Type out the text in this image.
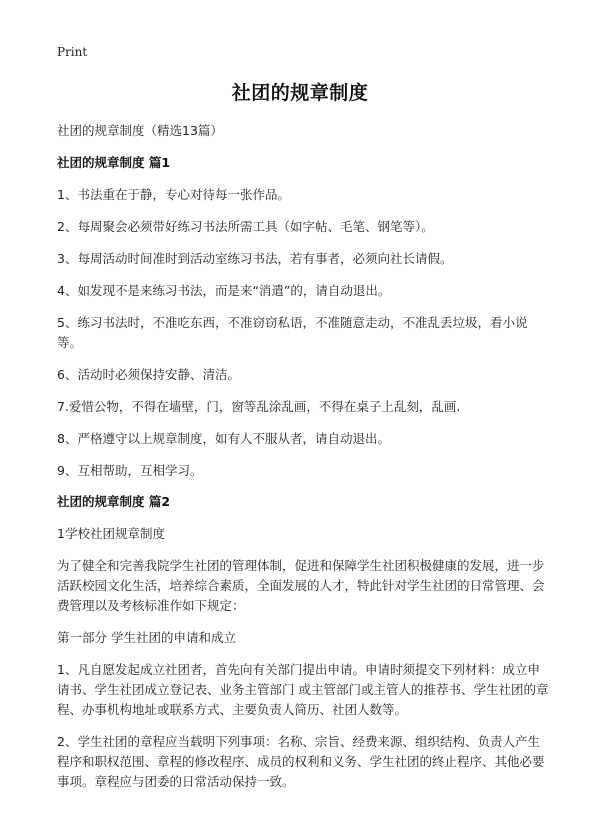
Print
社团的规章制度

社团的规章制度（精选13篇）

社团的规章制度 篇1

1、书法重在于静，专心对待每一张作品。

2、每周聚会必须带好练习书法所需工具（如字帖、毛笔、钢笔等）。

3、每周活动时间准时到活动室练习书法，若有事者，必须向社长请假。

4、如发现不是来练习书法，而是来“消遣”的，请自动退出。

5、练习书法时，不准吃东西，不准窃窃私语，不准随意走动，不准乱丢垃圾，看小说等。

6、活动时必须保持安静、清洁。

7.爱惜公物，不得在墙壁，门，窗等乱涂乱画，不得在桌子上乱刻，乱画.

8、严格遵守以上规章制度，如有人不服从者，请自动退出。

9、互相帮助，互相学习。

社团的规章制度 篇2

1学校社团规章制度

为了健全和完善我院学生社团的管理体制，促进和保障学生社团积极健康的发展，进一步活跃校园文化生活，培养综合素质，全面发展的人才，特此针对学生社团的日常管理、会费管理以及考核标准作如下规定：

第一部分 学生社团的申请和成立

1、凡自愿发起成立社团者，首先向有关部门提出申请。申请时须提交下列材料：成立申请书、学生社团成立登记表、业务主管部门 或主管部门或主管人的推荐书、学生社团的章程、办事机构地址或联系方式、主要负责人简历、社团人数等。

2、学生社团的章程应当载明下列事项：名称、宗旨、经费来源、组织结构、负责人产生程序和职权范围、章程的修改程序、成员的权利和义务、学生社团的终止程序、其他必要事项。章程应与团委的日常活动保持一致。
